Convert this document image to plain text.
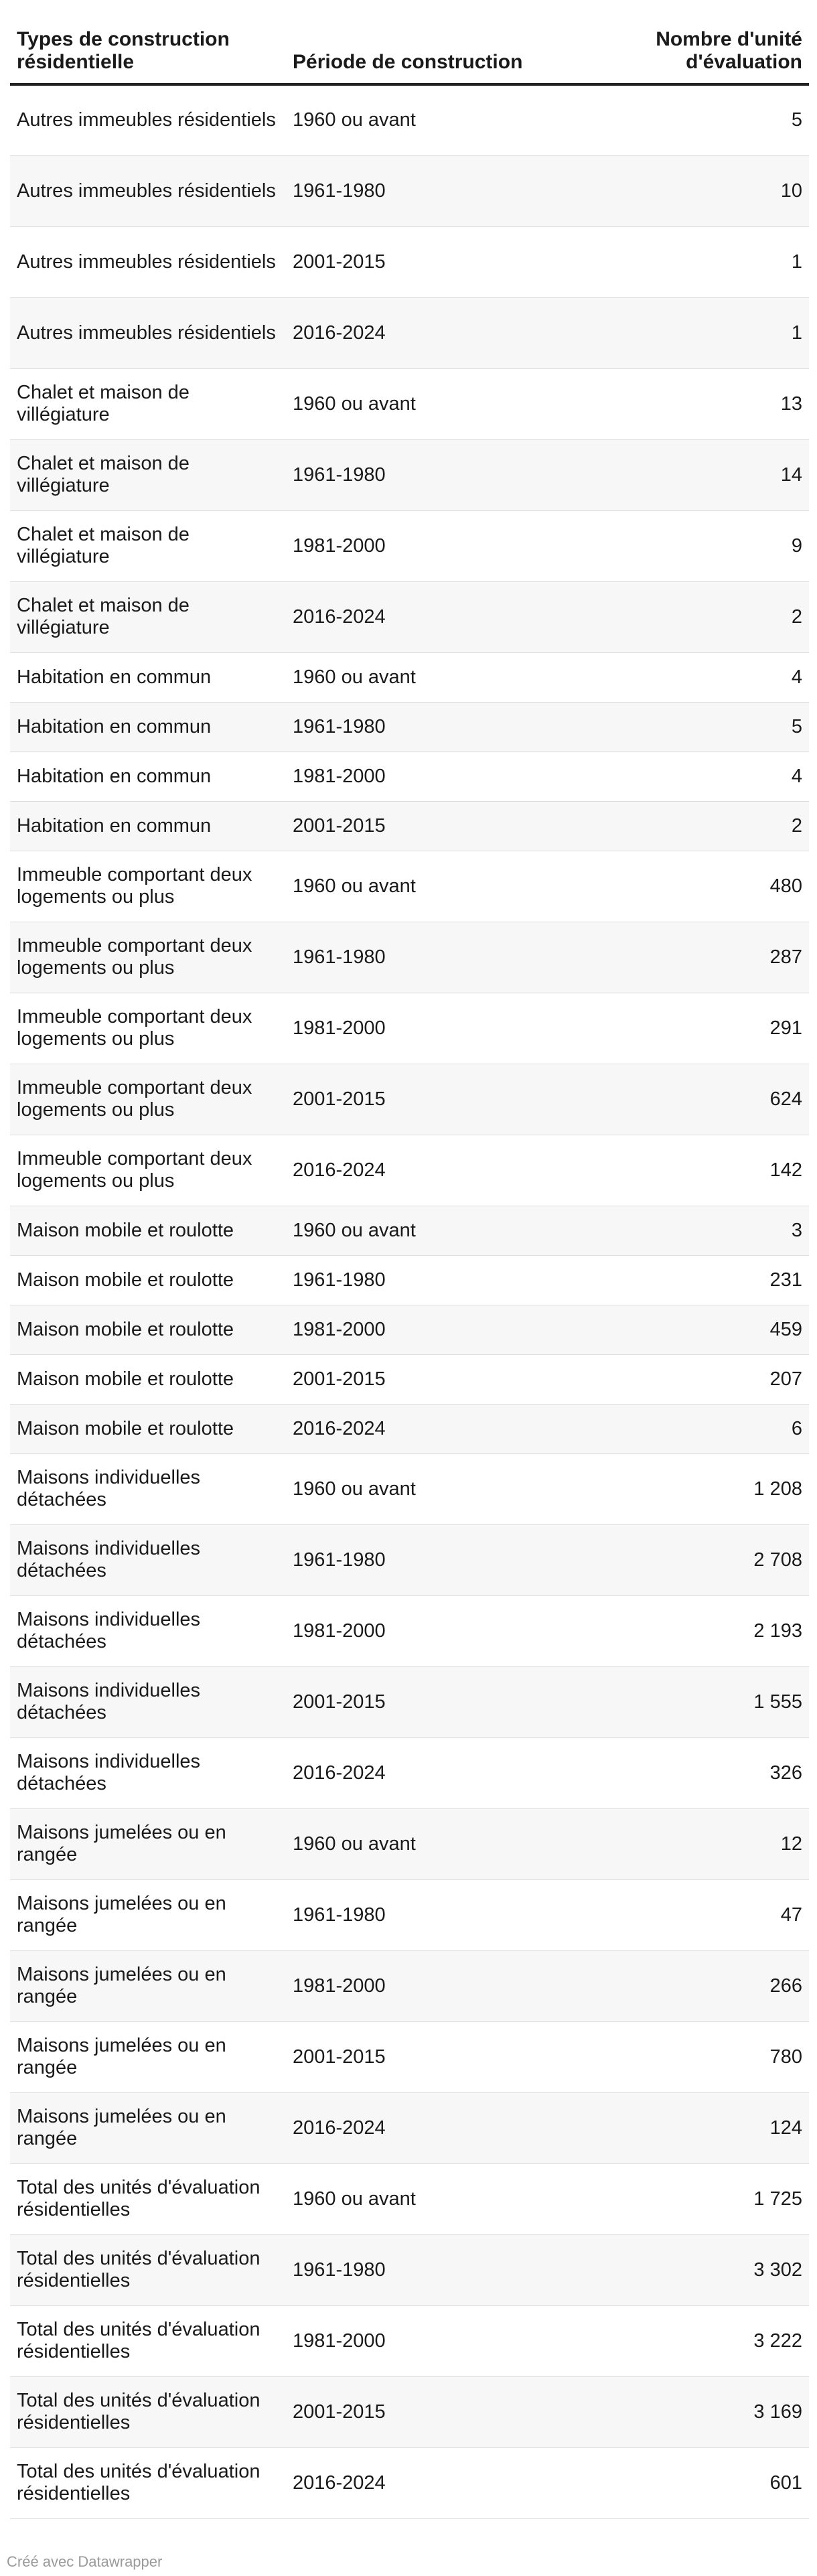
Types de construction résidentielle	Période de construction	Nombre d'unité d'évaluation
Autres immeubles résidentiels	1960 ou avant	5
Autres immeubles résidentiels	1961-1980	10
Autres immeubles résidentiels	2001-2015	1
Autres immeubles résidentiels	2016-2024	1
Chalet et maison de villégiature	1960 ou avant	13
Chalet et maison de villégiature	1961-1980	14
Chalet et maison de villégiature	1981-2000	9
Chalet et maison de villégiature	2016-2024	2
Habitation en commun	1960 ou avant	4
Habitation en commun	1961-1980	5
Habitation en commun	1981-2000	4
Habitation en commun	2001-2015	2
Immeuble comportant deux logements ou plus	1960 ou avant	480
Immeuble comportant deux logements ou plus	1961-1980	287
Immeuble comportant deux logements ou plus	1981-2000	291
Immeuble comportant deux logements ou plus	2001-2015	624
Immeuble comportant deux logements ou plus	2016-2024	142
Maison mobile et roulotte	1960 ou avant	3
Maison mobile et roulotte	1961-1980	231
Maison mobile et roulotte	1981-2000	459
Maison mobile et roulotte	2001-2015	207
Maison mobile et roulotte	2016-2024	6
Maisons individuelles détachées	1960 ou avant	1 208
Maisons individuelles détachées	1961-1980	2 708
Maisons individuelles détachées	1981-2000	2 193
Maisons individuelles détachées	2001-2015	1 555
Maisons individuelles détachées	2016-2024	326
Maisons jumelées ou en rangée	1960 ou avant	12
Maisons jumelées ou en rangée	1961-1980	47
Maisons jumelées ou en rangée	1981-2000	266
Maisons jumelées ou en rangée	2001-2015	780
Maisons jumelées ou en rangée	2016-2024	124
Total des unités d'évaluation résidentielles	1960 ou avant	1 725
Total des unités d'évaluation résidentielles	1961-1980	3 302
Total des unités d'évaluation résidentielles	1981-2000	3 222
Total des unités d'évaluation résidentielles	2001-2015	3 169
Total des unités d'évaluation résidentielles	2016-2024	601
Créé avec Datawrapper
